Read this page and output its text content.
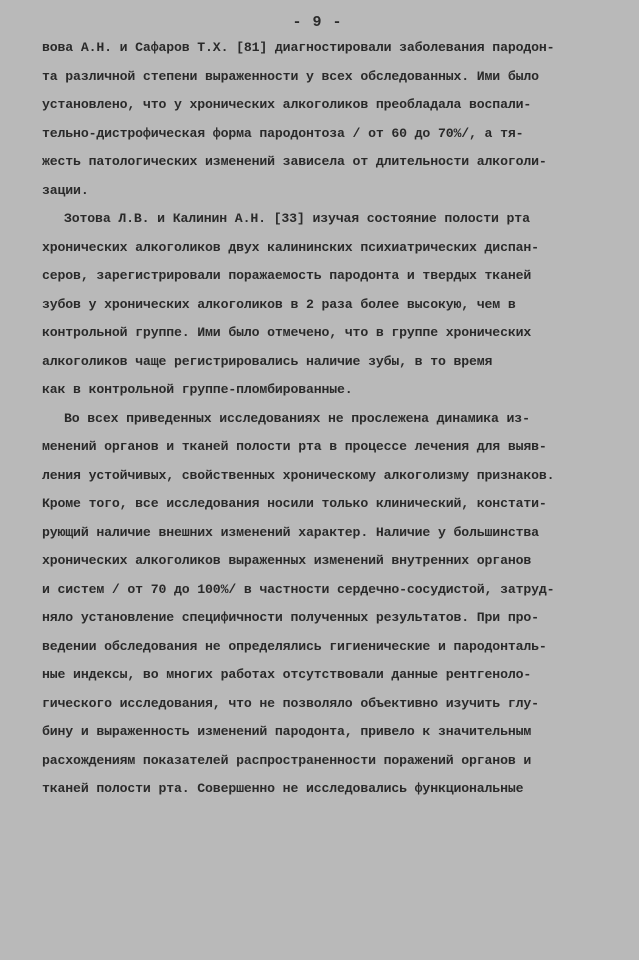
- 9 -
вова А.Н. и Сафаров Т.Х. [81] диагностировали заболевания пародон-
та различной степени выраженности у всех обследованных. Ими было
установлено, что у хронических алкоголиков преобладала воспали-
тельно-дистрофическая форма пародонтоза / от 60 до 70%/, а тя-
жесть патологических изменений зависела от длительности алкоголи-
зации.
Зотова Л.В. и Калинин А.Н. [33] изучая состояние полости рта
хронических алкоголиков двух калининских психиатрических диспан-
серов, зарегистрировали поражаемость пародонта и твердых тканей
зубов у хронических алкоголиков в 2 раза более высокую, чем в
контрольной группе. Ими было отмечено, что в группе хронических
алкоголиков чаще регистрировались наличие зубы, в то время
как в контрольной группе-пломбированные.
Во всех приведенных исследованиях не прослежена динамика из-
менений органов и тканей полости рта в процессе лечения для выяв-
ления устойчивых, свойственных хроническому алкоголизму признаков.
Кроме того, все исследования носили только клинический, констати-
рующий наличие внешних изменений характер. Наличие у большинства
хронических алкоголиков выраженных изменений внутренних органов
и систем / от 70 до 100%/ в частности сердечно-сосудистой, затруд-
няло установление специфичности полученных результатов. При про-
ведении обследования не определялись гигиенические и пародонталь-
ные индексы, во многих работах отсутствовали данные рентгеноло-
гического исследования, что не позволяло объективно изучить глу-
бину и выраженность изменений пародонта, привело к значительным
расхождениям показателей распространенности поражений органов и
тканей полости рта. Совершенно не исследовались функциональные
